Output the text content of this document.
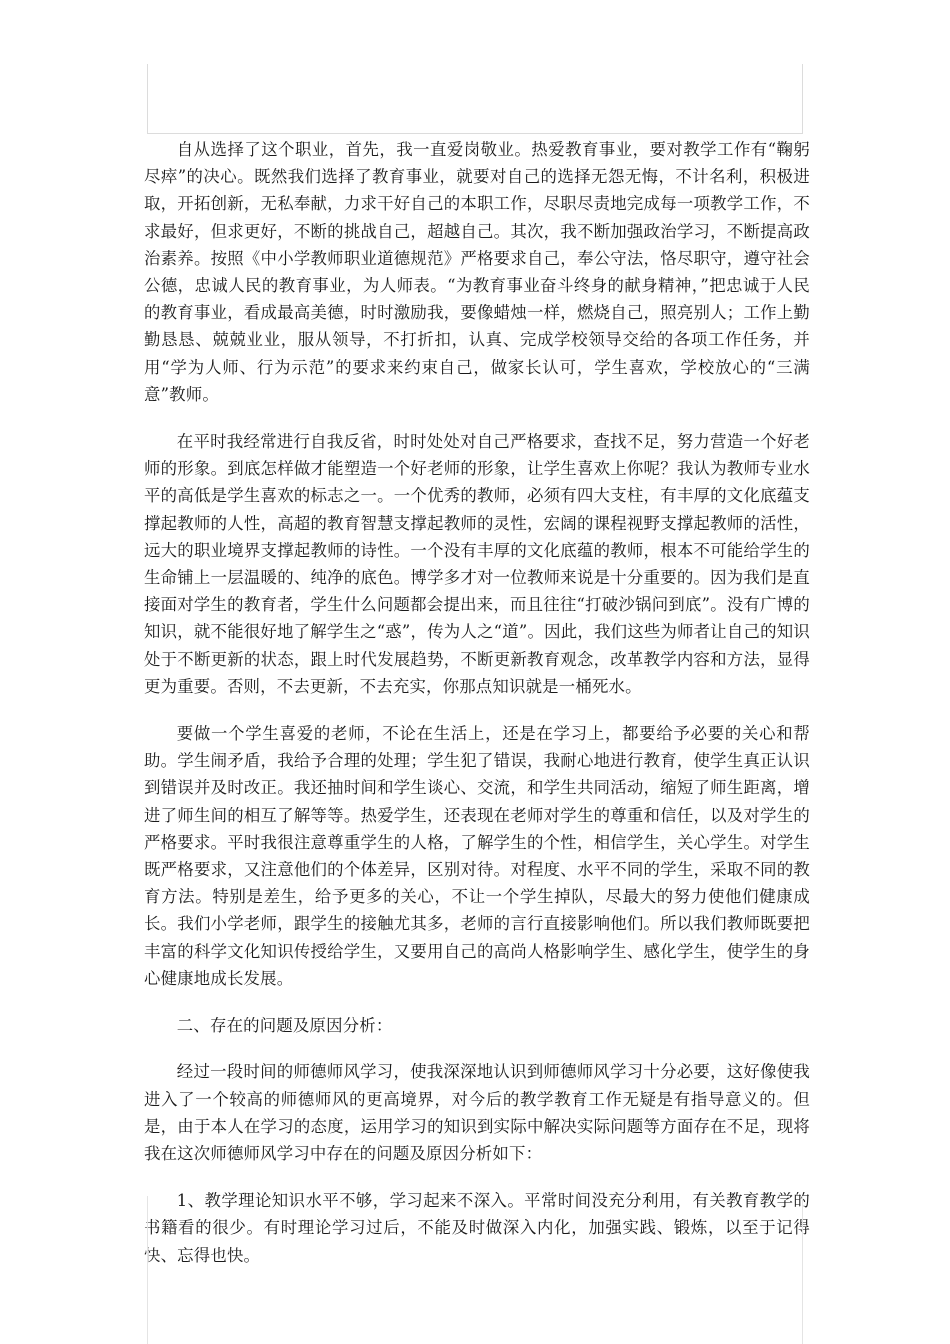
自从选择了这个职业，首先，我一直爱岗敬业。热爱教育事业，要对教学工作有“鞠躬尽瘁”的决心。既然我们选择了教育事业，就要对自己的选择无怨无悔，不计名利，积极进取，开拓创新，无私奉献，力求干好自己的本职工作，尽职尽责地完成每一项教学工作，不求最好，但求更好，不断的挑战自己，超越自己。其次，我不断加强政治学习，不断提高政治素养。按照《中小学教师职业道德规范》严格要求自己，奉公守法，恪尽职守，遵守社会公德，忠诚人民的教育事业，为人师表。“为教育事业奋斗终身的献身精神，”把忠诚于人民的教育事业，看成最高美德，时时激励我，要像蜡烛一样，燃烧自己，照亮别人；工作上勤勤恳恳、兢兢业业，服从领导，不打折扣，认真、完成学校领导交给的各项工作任务，并用“学为人师、行为示范”的要求来约束自己，做家长认可，学生喜欢，学校放心的“三满意”教师。

在平时我经常进行自我反省，时时处处对自己严格要求，查找不足，努力营造一个好老师的形象。到底怎样做才能塑造一个好老师的形象，让学生喜欢上你呢？我认为教师专业水平的高低是学生喜欢的标志之一。一个优秀的教师，必须有四大支柱，有丰厚的文化底蕴支撑起教师的人性，高超的教育智慧支撑起教师的灵性，宏阔的课程视野支撑起教师的活性，远大的职业境界支撑起教师的诗性。一个没有丰厚的文化底蕴的教师，根本不可能给学生的生命铺上一层温暖的、纯净的底色。博学多才对一位教师来说是十分重要的。因为我们是直接面对学生的教育者，学生什么问题都会提出来，而且往往“打破沙锅问到底”。没有广博的知识，就不能很好地了解学生之“惑”，传为人之“道”。因此，我们这些为师者让自己的知识处于不断更新的状态，跟上时代发展趋势，不断更新教育观念，改革教学内容和方法，显得更为重要。否则，不去更新，不去充实，你那点知识就是一桶死水。

要做一个学生喜爱的老师，不论在生活上，还是在学习上，都要给予必要的关心和帮助。学生闹矛盾，我给予合理的处理；学生犯了错误，我耐心地进行教育，使学生真正认识到错误并及时改正。我还抽时间和学生谈心、交流，和学生共同活动，缩短了师生距离，增进了师生间的相互了解等等。热爱学生，还表现在老师对学生的尊重和信任，以及对学生的严格要求。平时我很注意尊重学生的人格，了解学生的个性，相信学生，关心学生。对学生既严格要求，又注意他们的个体差异，区别对待。对程度、水平不同的学生，采取不同的教育方法。特别是差生，给予更多的关心，不让一个学生掉队，尽最大的努力使他们健康成长。我们小学老师，跟学生的接触尤其多，老师的言行直接影响他们。所以我们教师既要把丰富的科学文化知识传授给学生，又要用自己的高尚人格影响学生、感化学生，使学生的身心健康地成长发展。

二、存在的问题及原因分析：

经过一段时间的师德师风学习，使我深深地认识到师德师风学习十分必要，这好像使我进入了一个较高的师德师风的更高境界，对今后的教学教育工作无疑是有指导意义的。但是，由于本人在学习的态度，运用学习的知识到实际中解决实际问题等方面存在不足，现将我在这次师德师风学习中存在的问题及原因分析如下：

1、教学理论知识水平不够，学习起来不深入。平常时间没充分利用，有关教育教学的书籍看的很少。有时理论学习过后，不能及时做深入内化，加强实践、锻炼，以至于记得快、忘得也快。
